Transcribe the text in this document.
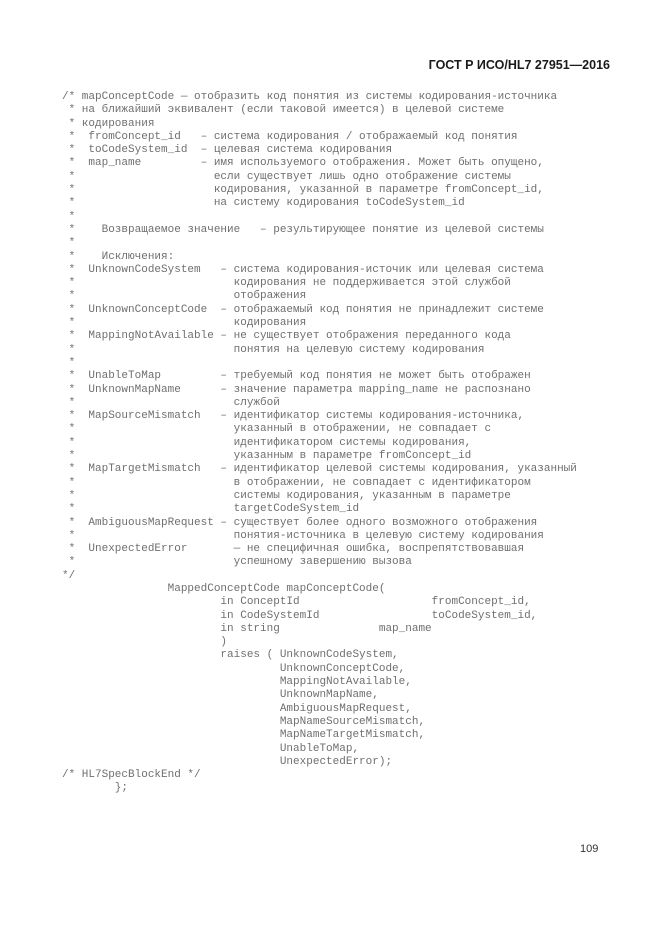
ГОСТ Р ИСО/HL7 27951—2016
/* mapConceptCode — отобразить код понятия из системы кодирования-источника
* на ближайший эквивалент (если таковой имеется) в целевой системе
* кодирования
*  fromConcept_id   – система кодирования / отображаемый код понятия
*  toCodeSystem_id  – целевая система кодирования
*  map_name         – имя используемого отображения. Может быть опущено,
*                     если существует лишь одно отображение системы
*                     кодирования, указанной в параметре fromConcept_id,
*                     на систему кодирования toCodeSystem_id
*
*    Возвращаемое значение   – результирующее понятие из целевой системы
*
*    Исключения:
*  UnknownCodeSystem   – система кодирования-источик или целевая система
*                        кодирования не поддерживается этой службой
*                        отображения
*  UnknownConceptCode  – отображаемый код понятия не принадлежит системе
*                        кодирования
*  MappingNotAvailable – не существует отображения переданного кода
*                        понятия на целевую систему кодирования
*
*  UnableToMap         – требуемый код понятия не может быть отображен
*  UnknownMapName      – значение параметра mapping_name не распознано
*                        службой
*  MapSourceMismatch   – идентификатор системы кодирования-источника,
*                        указанный в отображении, не совпадает с
*                        идентификатором системы кодирования,
*                        указанным в параметре fromConcept_id
*  MapTargetMismatch   – идентификатор целевой системы кодирования, указанный
*                        в отображении, не совпадает с идентификатором
*                        системы кодирования, указанным в параметре
*                        targetCodeSystem_id
*  AmbiguousMapRequest – существует более одного возможного отображения
*                        понятия-источника в целевую систему кодирования
*  UnexpectedError       — не специфичная ошибка, воспрепятствовавшая
*                        успешному завершению вызова
*/
MappedConceptCode mapConceptCode(
in ConceptId                    fromConcept_id,
in CodeSystemId                 toCodeSystem_id,
in string               map_name
)
raises ( UnknownCodeSystem,
UnknownConceptCode,
MappingNotAvailable,
UnknownMapName,
AmbiguousMapRequest,
MapNameSourceMismatch,
MapNameTargetMismatch,
UnableToMap,
UnexpectedError);
/* HL7SpecBlockEnd */
};
109
